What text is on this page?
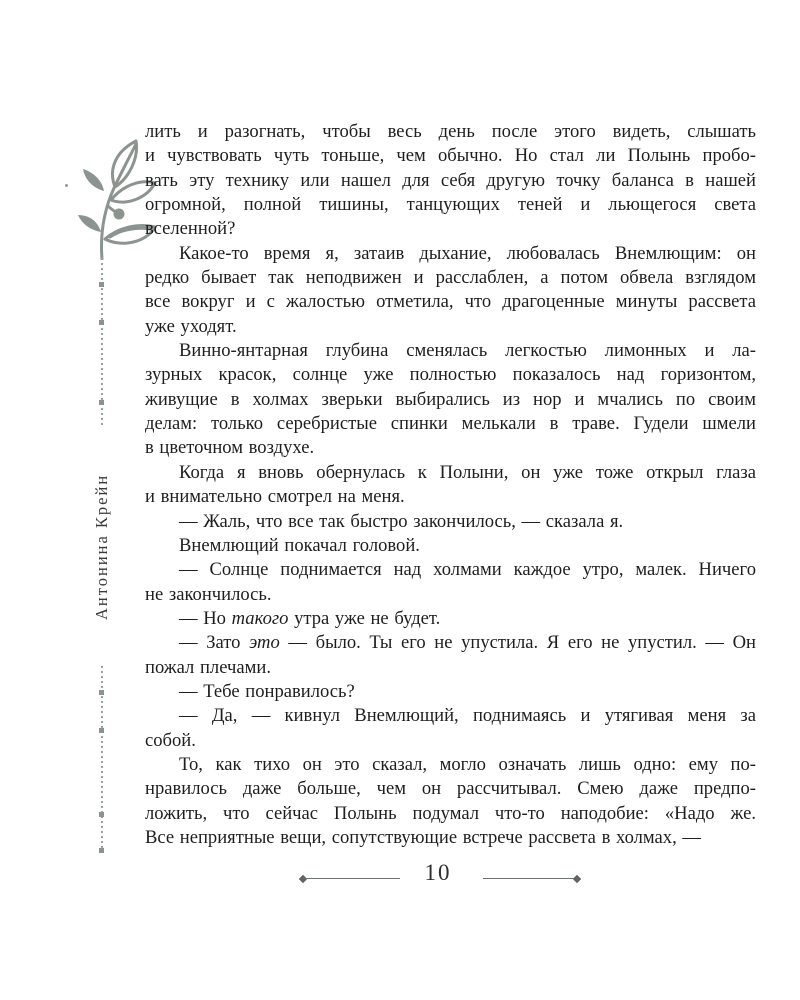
Антонина Крейн
лить и разогнать, чтобы весь день после этого видеть, слышать
и чувствовать чуть тоньше, чем обычно. Но стал ли Полынь пробо-
вать эту технику или нашел для себя другую точку баланса в нашей
огромной, полной тишины, танцующих теней и льющегося света
вселенной?
Какое-то время я, затаив дыхание, любовалась Внемлющим: он
редко бывает так неподвижен и расслаблен, а потом обвела взглядом
все вокруг и с жалостью отметила, что драгоценные минуты рассвета
уже уходят.
Винно-янтарная глубина сменялась легкостью лимонных и ла-
зурных красок, солнце уже полностью показалось над горизонтом,
живущие в холмах зверьки выбирались из нор и мчались по своим
делам: только серебристые спинки мелькали в траве. Гудели шмели
в цветочном воздухе.
Когда я вновь обернулась к Полыни, он уже тоже открыл глаза
и внимательно смотрел на меня.
— Жаль, что все так быстро закончилось, — сказала я.
Внемлющий покачал головой.
— Солнце поднимается над холмами каждое утро, малек. Ничего
не закончилось.
— Но такого утра уже не будет.
— Зато это — было. Ты его не упустила. Я его не упустил. — Он
пожал плечами.
— Тебе понравилось?
— Да, — кивнул Внемлющий, поднимаясь и утягивая меня за
собой.
То, как тихо он это сказал, могло означать лишь одно: ему по-
нравилось даже больше, чем он рассчитывал. Смею даже предпо-
ложить, что сейчас Полынь подумал что-то наподобие: «Надо же.
Все неприятные вещи, сопутствующие встрече рассвета в холмах, —
10
